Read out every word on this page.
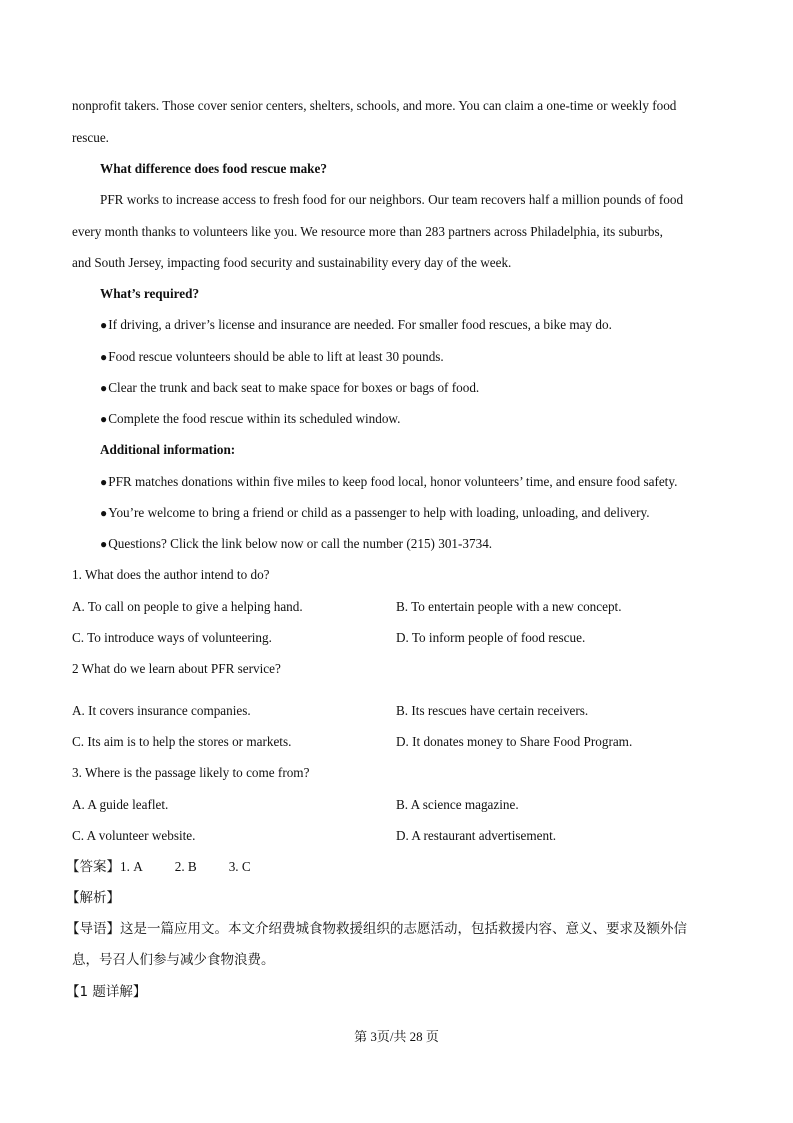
nonprofit takers. Those cover senior centers, shelters, schools, and more. You can claim a one-time or weekly food
rescue.
What difference does food rescue make?
PFR works to increase access to fresh food for our neighbors. Our team recovers half a million pounds of food
every month thanks to volunteers like you. We resource more than 283 partners across Philadelphia, its suburbs,
and South Jersey, impacting food security and sustainability every day of the week.
What’s required?
●If driving, a driver’s license and insurance are needed. For smaller food rescues, a bike may do.
●Food rescue volunteers should be able to lift at least 30 pounds.
●Clear the trunk and back seat to make space for boxes or bags of food.
●Complete the food rescue within its scheduled window.
Additional information:
●PFR matches donations within five miles to keep food local, honor volunteers’ time, and ensure food safety.
●You’re welcome to bring a friend or child as a passenger to help with loading, unloading, and delivery.
●Questions? Click the link below now or call the number (215) 301-3734.
1. What does the author intend to do?
A. To call on people to give a helping hand.	B. To entertain people with a new concept.
C. To introduce ways of volunteering.	D. To inform people of food rescue.
2 What do we learn about PFR service?
A. It covers insurance companies.	B. Its rescues have certain receivers.
C. Its aim is to help the stores or markets.	D. It donates money to Share Food Program.
3. Where is the passage likely to come from?
A. A guide leaflet.	B. A science magazine.
C. A volunteer website.	D. A restaurant advertisement.
【答案】1. A 2. B 3. C
【解析】
【导语】这是一篇应用文。本文介绍费城食物救援组织的志愿活动，包括救援内容、意义、要求及额外信
息，号召人们参与减少食物浪费。
【1 题详解】
第 3页/共 28 页
